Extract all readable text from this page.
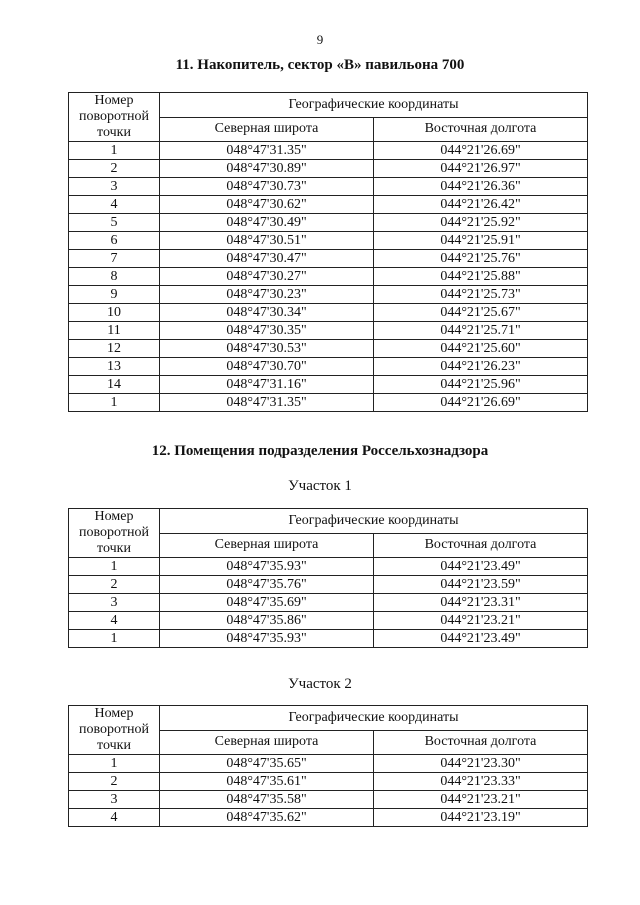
9
11. Накопитель, сектор «В» павильона 700
Номер
поворотной
точки	Географические координаты	
	Северная широта	Восточная долгота
1	048°47'31.35"	044°21'26.69"
2	048°47'30.89"	044°21'26.97"
3	048°47'30.73"	044°21'26.36"
4	048°47'30.62"	044°21'26.42"
5	048°47'30.49"	044°21'25.92"
6	048°47'30.51"	044°21'25.91"
7	048°47'30.47"	044°21'25.76"
8	048°47'30.27"	044°21'25.88"
9	048°47'30.23"	044°21'25.73"
10	048°47'30.34"	044°21'25.67"
11	048°47'30.35"	044°21'25.71"
12	048°47'30.53"	044°21'25.60"
13	048°47'30.70"	044°21'26.23"
14	048°47'31.16"	044°21'25.96"
1	048°47'31.35"	044°21'26.69"
12. Помещения подразделения Россельхознадзора
Участок 1
Номер
поворотной
точки	Географические координаты	
	Северная широта	Восточная долгота
1	048°47'35.93"	044°21'23.49"
2	048°47'35.76"	044°21'23.59"
3	048°47'35.69"	044°21'23.31"
4	048°47'35.86"	044°21'23.21"
1	048°47'35.93"	044°21'23.49"
Участок 2
Номер
поворотной
точки	Географические координаты	
	Северная широта	Восточная долгота
1	048°47'35.65"	044°21'23.30"
2	048°47'35.61"	044°21'23.33"
3	048°47'35.58"	044°21'23.21"
4	048°47'35.62"	044°21'23.19"
